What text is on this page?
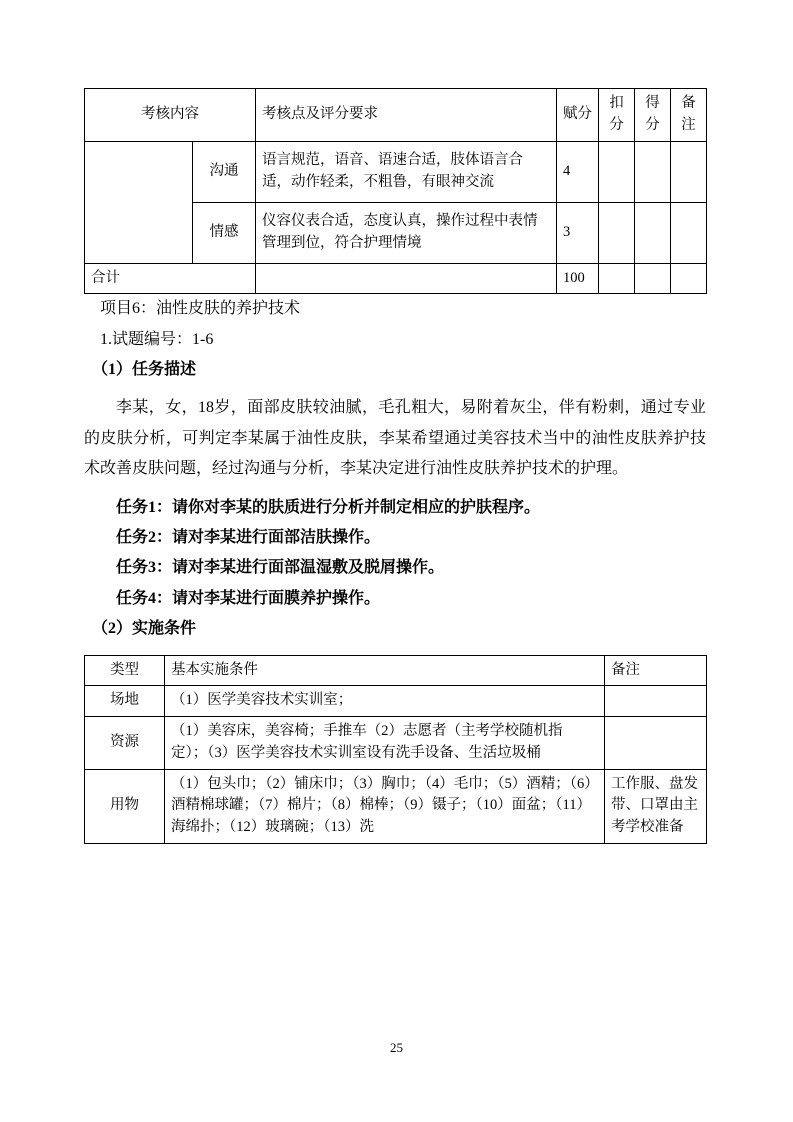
考核内容		考核点及评分要求	赋分	扣分	得分	备注
	沟通	语言规范，语音、语速合适，肢体语言合适，动作轻柔，不粗鲁，有眼神交流	4			
	情感	仪容仪表合适，态度认真，操作过程中表情管理到位，符合护理情境	3			
合计			100			

项目6：油性皮肤的养护技术

1.试题编号：1-6

（1）任务描述

李某，女，18岁，面部皮肤较油腻，毛孔粗大，易附着灰尘，伴有粉刺，通过专业的皮肤分析，可判定李某属于油性皮肤，李某希望通过美容技术当中的油性皮肤养护技术改善皮肤问题，经过沟通与分析，李某决定进行油性皮肤养护技术的护理。

任务1：请你对李某的肤质进行分析并制定相应的护肤程序。

任务2：请对李某进行面部洁肤操作。

任务3：请对李某进行面部温湿敷及脱屑操作。

任务4：请对李某进行面膜养护操作。

（2）实施条件

类型	基本实施条件	备注
场地	（1）医学美容技术实训室；	
资源	（1）美容床，美容椅；手推车（2）志愿者（主考学校随机指定）；（3）医学美容技术实训室设有洗手设备、生活垃圾桶	
用物	（1）包头巾；（2）铺床巾；（3）胸巾；（4）毛巾；（5）酒精；（6）酒精棉球罐；（7）棉片；（8）棉棒；（9）镊子；（10）面盆；（11）海绵扑；（12）玻璃碗；（13）洗	工作服、盘发带、口罩由主考学校准备
25
